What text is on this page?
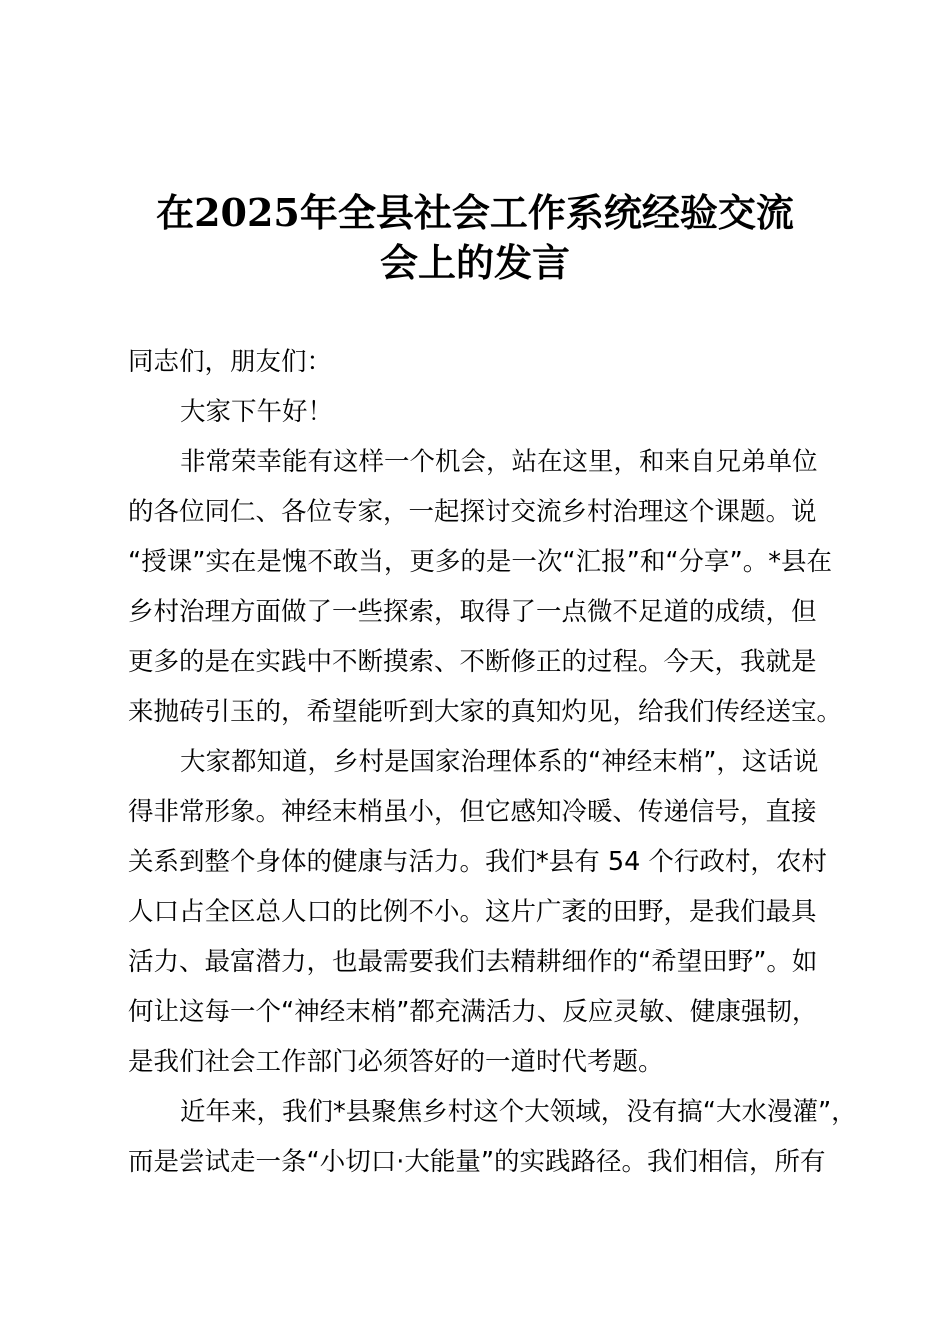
在2025年全县社会工作系统经验交流
会上的发言
同志们，朋友们：
大家下午好！
非常荣幸能有这样一个机会，站在这里，和来自兄弟单位
的各位同仁、各位专家，一起探讨交流乡村治理这个课题。说
“授课”实在是愧不敢当，更多的是一次“汇报”和“分享”。*县在
乡村治理方面做了一些探索，取得了一点微不足道的成绩，但
更多的是在实践中不断摸索、不断修正的过程。今天，我就是
来抛砖引玉的，希望能听到大家的真知灼见，给我们传经送宝。
大家都知道，乡村是国家治理体系的“神经末梢”，这话说
得非常形象。神经末梢虽小，但它感知冷暖、传递信号，直接
关系到整个身体的健康与活力。我们*县有 54 个行政村，农村
人口占全区总人口的比例不小。这片广袤的田野，是我们最具
活力、最富潜力，也最需要我们去精耕细作的“希望田野”。如
何让这每一个“神经末梢”都充满活力、反应灵敏、健康强韧，
是我们社会工作部门必须答好的一道时代考题。
近年来，我们*县聚焦乡村这个大领域，没有搞“大水漫灌”，
而是尝试走一条“小切口·大能量”的实践路径。我们相信，所有
